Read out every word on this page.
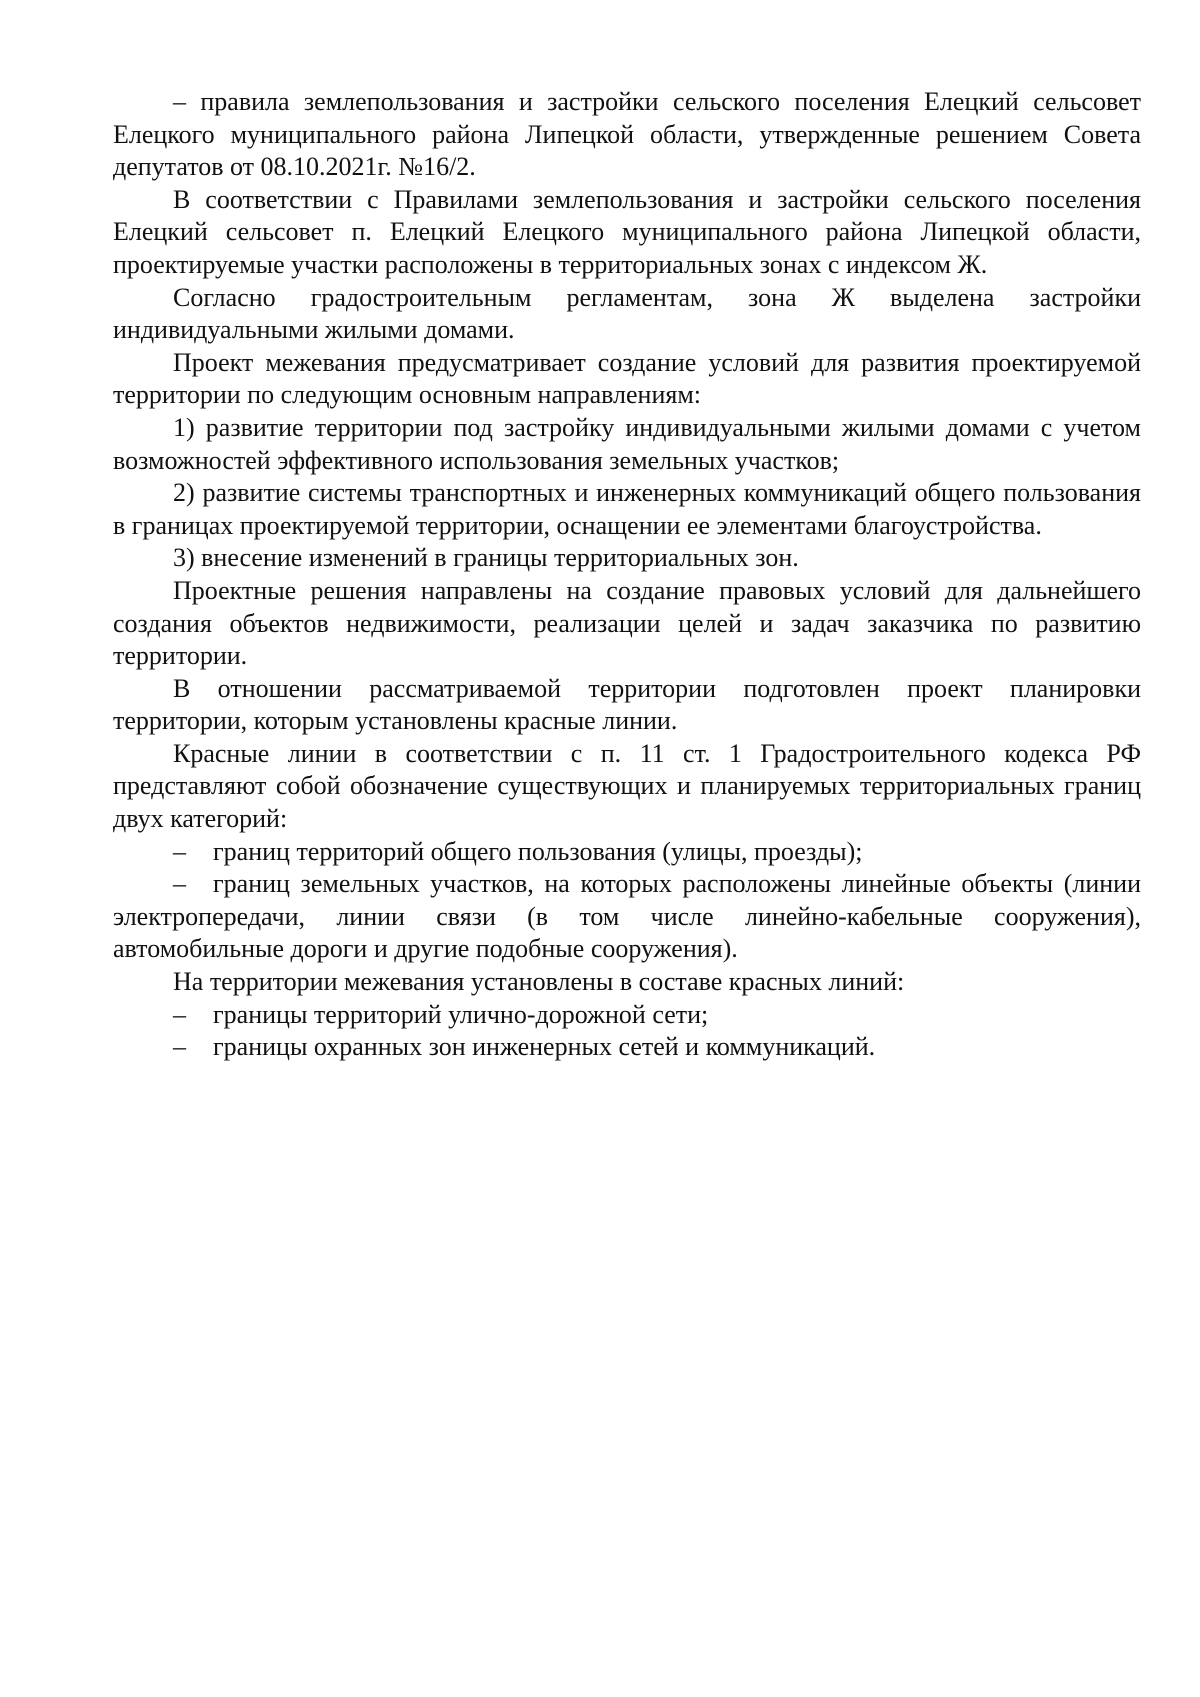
– правила землепользования и застройки сельского поселения Елецкий сельсовет Елецкого муниципального района Липецкой области, утвержденные решением Совета депутатов от 08.10.2021г. №16/2.

В соответствии с Правилами землепользования и застройки сельского поселения Елецкий сельсовет п. Елецкий Елецкого муниципального района Липецкой области, проектируемые участки расположены в территориальных зонах с индексом Ж.

Согласно градостроительным регламентам, зона Ж выделена застройки индивидуальными жилыми домами.

Проект межевания предусматривает создание условий для развития проектируемой территории по следующим основным направлениям:

1) развитие территории под застройку индивидуальными жилыми домами с учетом возможностей эффективного использования земельных участков;

2) развитие системы транспортных и инженерных коммуникаций общего пользования в границах проектируемой территории, оснащении ее элементами благоустройства.

3) внесение изменений в границы территориальных зон.

Проектные решения направлены на создание правовых условий для дальнейшего создания объектов недвижимости, реализации целей и задач заказчика по развитию территории.

В отношении рассматриваемой территории подготовлен проект планировки территории, которым установлены красные линии.

Красные линии в соответствии с п. 11 ст. 1 Градостроительного кодекса РФ представляют собой обозначение существующих и планируемых территориальных границ двух категорий:

– границ территорий общего пользования (улицы, проезды);

– границ земельных участков, на которых расположены линейные объекты (линии электропередачи, линии связи (в том числе линейно-кабельные сооружения), автомобильные дороги и другие подобные сооружения).

На территории межевания установлены в составе красных линий:

– границы территорий улично-дорожной сети;

– границы охранных зон инженерных сетей и коммуникаций.
